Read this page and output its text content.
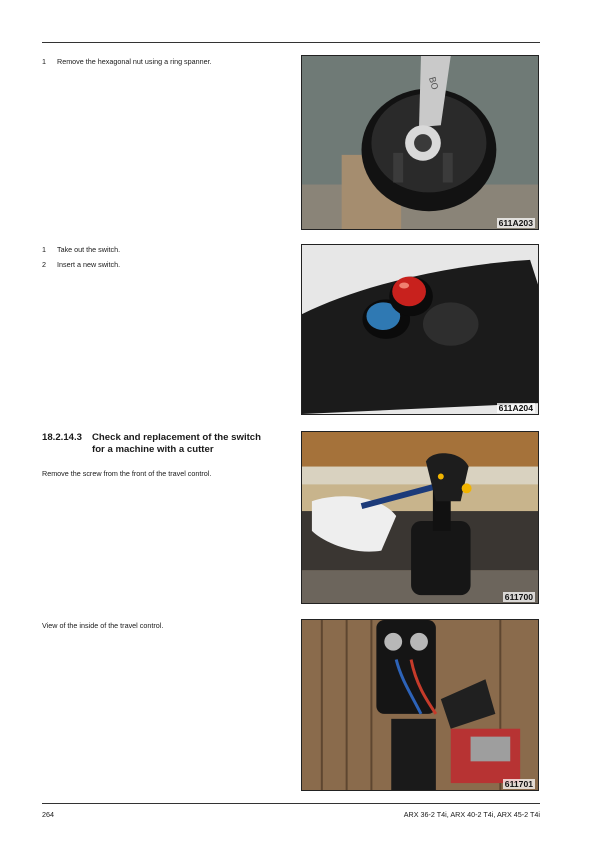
1 Remove the hexagonal nut using a ring spanner.
BO
611A203
1 Take out the switch.
2 Insert a new switch.
611A204
18.2.14.3 Check and replacement of the switch
for a machine with a cutter
Remove the screw from the front of the travel control.
611700
View of the inside of the travel control.
611701
264	ARX 36-2 T4i, ARX 40-2 T4i, ARX 45-2 T4i
